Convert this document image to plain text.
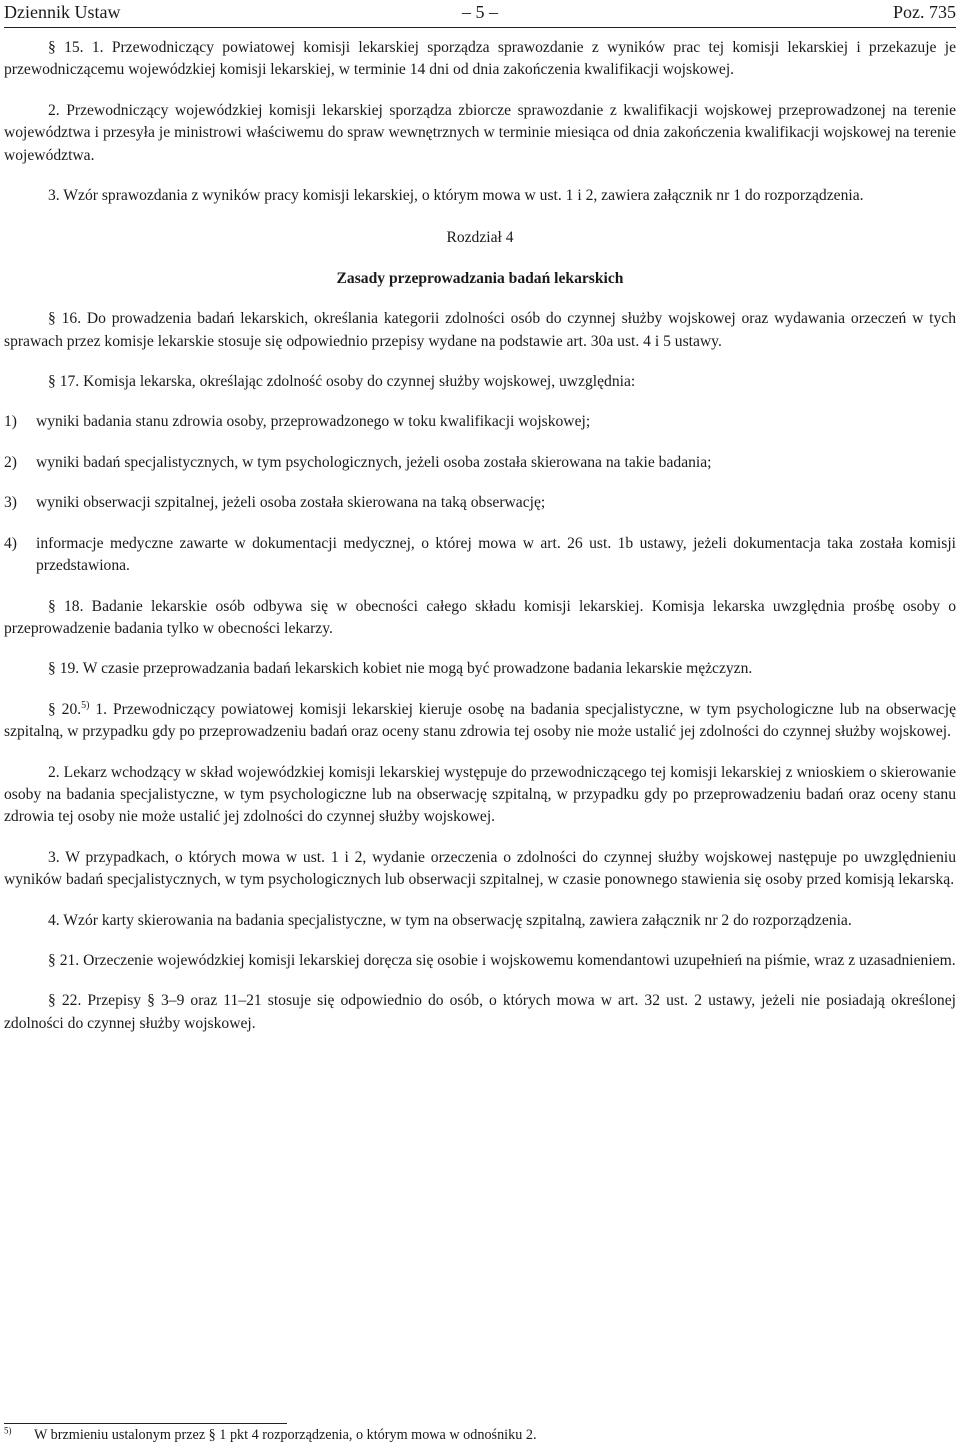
Dziennik Ustaw	– 5 –	Poz. 735

§ 15. 1. Przewodniczący powiatowej komisji lekarskiej sporządza sprawozdanie z wyników prac tej komisji lekarskiej i przekazuje je przewodniczącemu wojewódzkiej komisji lekarskiej, w terminie 14 dni od dnia zakończenia kwalifikacji wojskowej.

2. Przewodniczący wojewódzkiej komisji lekarskiej sporządza zbiorcze sprawozdanie z kwalifikacji wojskowej przeprowadzonej na terenie województwa i przesyła je ministrowi właściwemu do spraw wewnętrznych w terminie miesiąca od dnia zakończenia kwalifikacji wojskowej na terenie województwa.

3. Wzór sprawozdania z wyników pracy komisji lekarskiej, o którym mowa w ust. 1 i 2, zawiera załącznik nr 1 do rozporządzenia.

Rozdział 4

Zasady przeprowadzania badań lekarskich

§ 16. Do prowadzenia badań lekarskich, określania kategorii zdolności osób do czynnej służby wojskowej oraz wydawania orzeczeń w tych sprawach przez komisje lekarskie stosuje się odpowiednio przepisy wydane na podstawie art. 30a ust. 4 i 5 ustawy.

§ 17. Komisja lekarska, określając zdolność osoby do czynnej służby wojskowej, uwzględnia:

1)	wyniki badania stanu zdrowia osoby, przeprowadzonego w toku kwalifikacji wojskowej;
2)	wyniki badań specjalistycznych, w tym psychologicznych, jeżeli osoba została skierowana na takie badania;
3)	wyniki obserwacji szpitalnej, jeżeli osoba została skierowana na taką obserwację;
4)	informacje medyczne zawarte w dokumentacji medycznej, o której mowa w art. 26 ust. 1b ustawy, jeżeli dokumentacja taka została komisji przedstawiona.

§ 18. Badanie lekarskie osób odbywa się w obecności całego składu komisji lekarskiej. Komisja lekarska uwzględnia prośbę osoby o przeprowadzenie badania tylko w obecności lekarzy.

§ 19. W czasie przeprowadzania badań lekarskich kobiet nie mogą być prowadzone badania lekarskie mężczyzn.

§ 20.$^{5)}$ 1. Przewodniczący powiatowej komisji lekarskiej kieruje osobę na badania specjalistyczne, w tym psychologiczne lub na obserwację szpitalną, w przypadku gdy po przeprowadzeniu badań oraz oceny stanu zdrowia tej osoby nie może ustalić jej zdolności do czynnej służby wojskowej.

2. Lekarz wchodzący w skład wojewódzkiej komisji lekarskiej występuje do przewodniczącego tej komisji lekarskiej z wnioskiem o skierowanie osoby na badania specjalistyczne, w tym psychologiczne lub na obserwację szpitalną, w przypadku gdy po przeprowadzeniu badań oraz oceny stanu zdrowia tej osoby nie może ustalić jej zdolności do czynnej służby wojskowej.

3. W przypadkach, o których mowa w ust. 1 i 2, wydanie orzeczenia o zdolności do czynnej służby wojskowej następuje po uwzględnieniu wyników badań specjalistycznych, w tym psychologicznych lub obserwacji szpitalnej, w czasie ponownego stawienia się osoby przed komisją lekarską.

4. Wzór karty skierowania na badania specjalistyczne, w tym na obserwację szpitalną, zawiera załącznik nr 2 do rozporządzenia.

§ 21. Orzeczenie wojewódzkiej komisji lekarskiej doręcza się osobie i wojskowemu komendantowi uzupełnień na piśmie, wraz z uzasadnieniem.

§ 22. Przepisy § 3–9 oraz 11–21 stosuje się odpowiednio do osób, o których mowa w art. 32 ust. 2 ustawy, jeżeli nie posiadają określonej zdolności do czynnej służby wojskowej.

$^{5)}$ W brzmieniu ustalonym przez § 1 pkt 4 rozporządzenia, o którym mowa w odnośniku 2.
